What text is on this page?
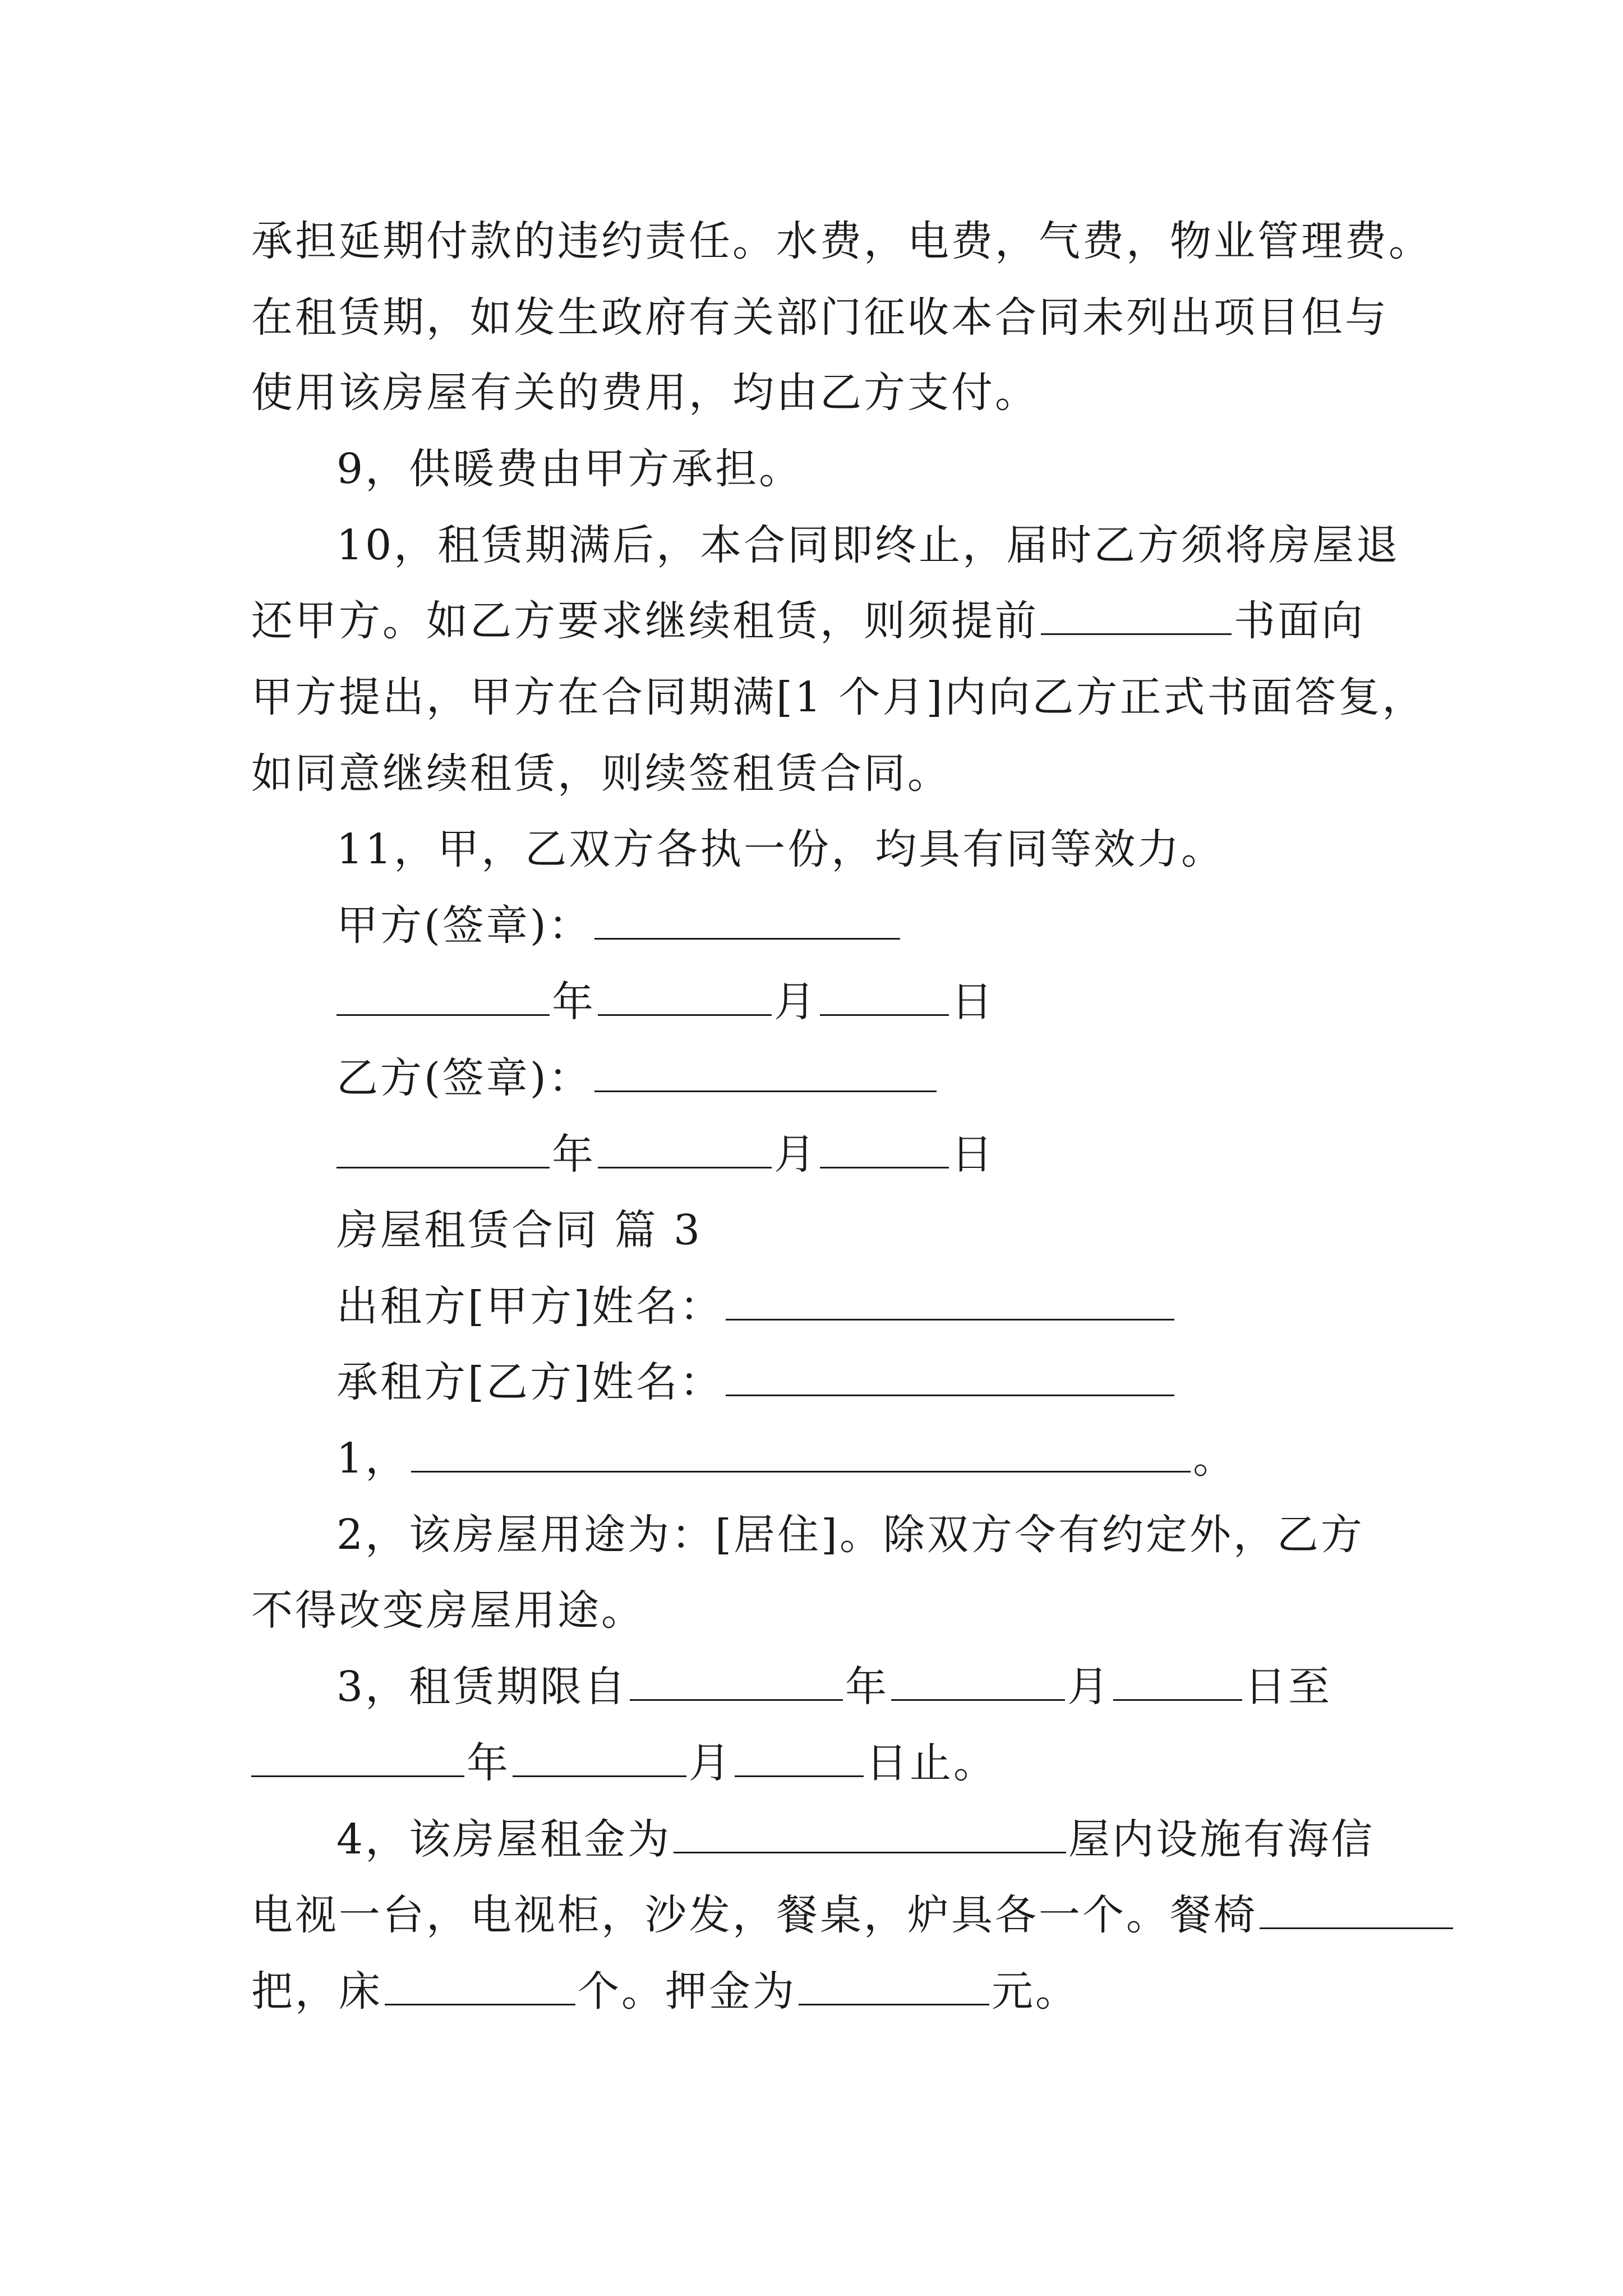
承担延期付款的违约责任。水费，电费，气费，物业管理费。
在租赁期，如发生政府有关部门征收本合同未列出项目但与
使用该房屋有关的费用，均由乙方支付。
9，供暖费由甲方承担。
10，租赁期满后，本合同即终止，届时乙方须将房屋退
还甲方。如乙方要求继续租赁，则须提前	书面向
甲方提出，甲方在合同期满[1 个月]内向乙方正式书面答复，
如同意继续租赁，则续签租赁合同。
11，甲，乙双方各执一份，均具有同等效力。
甲方(签章)：
年	月	日
乙方(签章)：
年	月	日
房屋租赁合同 篇 3
出租方[甲方]姓名：
承租方[乙方]姓名：
1，	。
2，该房屋用途为：[居住]。除双方令有约定外，乙方
不得改变房屋用途。
3，租赁期限自	年	月	日至
年	月	日止。
4，该房屋租金为	屋内设施有海信
电视一台，电视柜，沙发，餐桌，炉具各一个。餐椅
把，床	个。押金为	元。
